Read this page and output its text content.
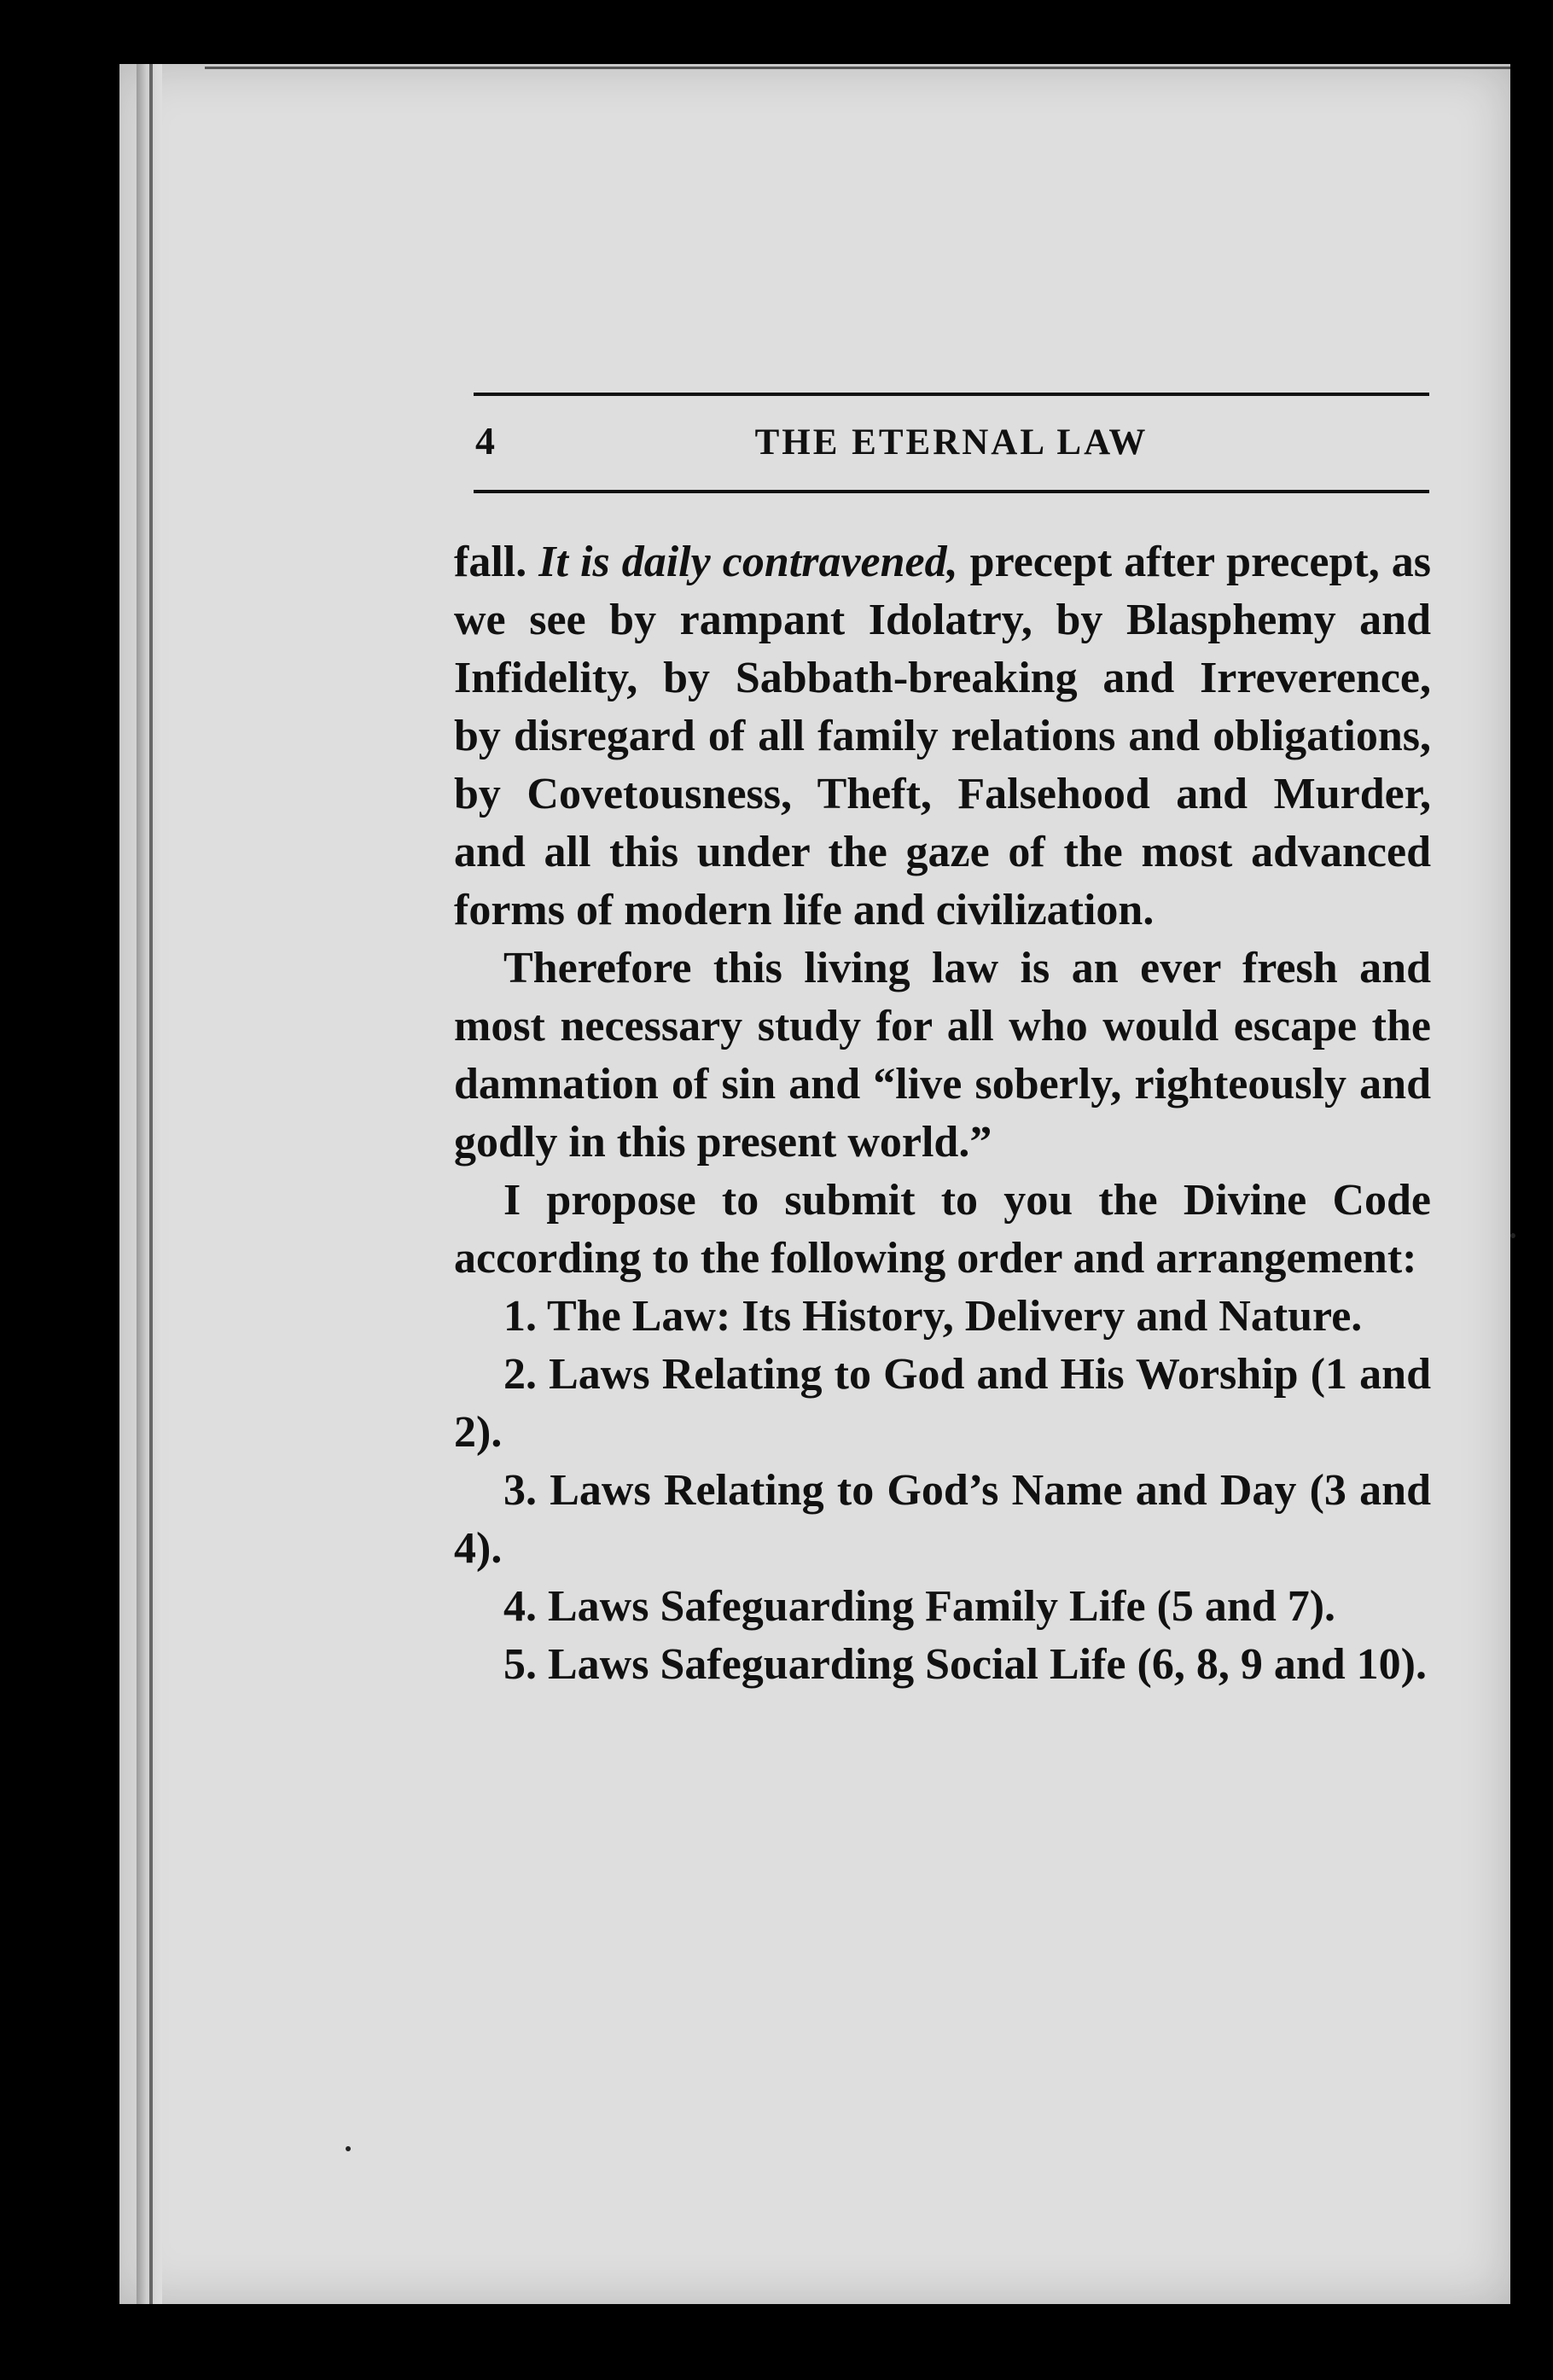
4	THE ETERNAL LAW

fall. It is daily contravened, precept after precept, as we see by rampant Idolatry, by Blasphemy and Infidelity, by Sabbath-breaking and Irreverence, by disregard of all family relations and obligations, by Covetousness, Theft, Falsehood and Murder, and all this under the gaze of the most advanced forms of modern life and civilization.

Therefore this living law is an ever fresh and most necessary study for all who would escape the damnation of sin and “live soberly, righteously and godly in this present world.”

I propose to submit to you the Divine Code according to the following order and arrangement:

1. The Law: Its History, Delivery and Nature.

2. Laws Relating to God and His Worship (1 and 2).

3. Laws Relating to God’s Name and Day (3 and 4).

4. Laws Safeguarding Family Life (5 and 7).

5. Laws Safeguarding Social Life (6, 8, 9 and 10).
